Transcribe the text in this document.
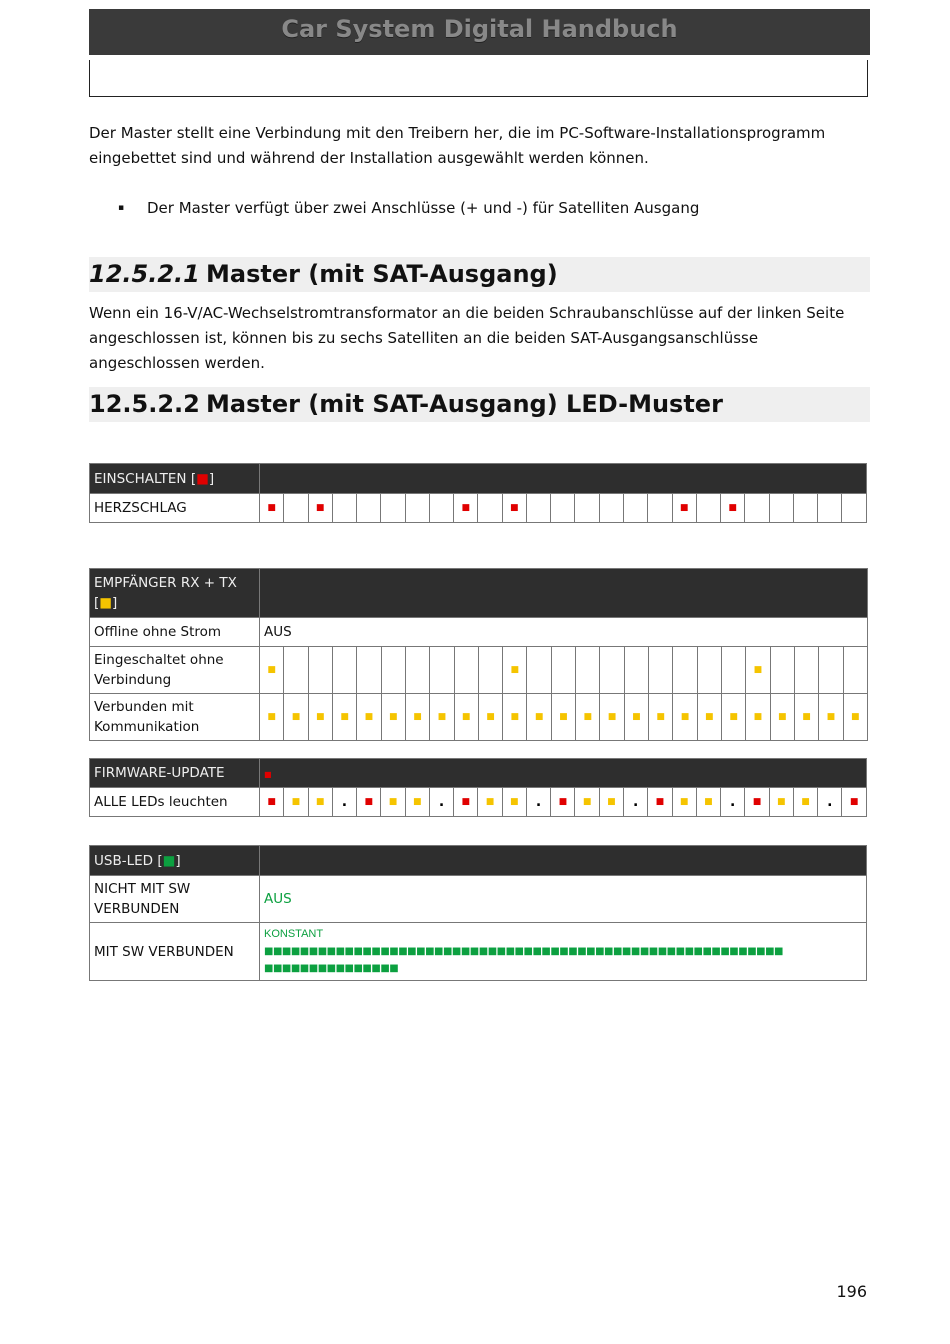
Car System Digital Handbuch
Der Master stellt eine Verbindung mit den Treibern her, die im PC-Software-Installationsprogramm eingebettet sind und während der Installation ausgewählt werden können.
▪ Der Master verfügt über zwei Anschlüsse (+ und -) für Satelliten Ausgang
12.5.2.1 Master (mit SAT-Ausgang)
Wenn ein 16-V/AC-Wechselstromtransformator an die beiden Schraubanschlüsse auf der linken Seite angeschlossen ist, können bis zu sechs Satelliten an die beiden SAT-Ausgangsanschlüsse angeschlossen werden.
12.5.2.2 Master (mit SAT-Ausgang) LED-Muster
EINSCHALTEN [■]																									
HERZSCHLAG	■		■						■		■							■		■					
EMPFÄNGER RX + TX
[■]																									
Offline ohne Strom	AUS																								
Eingeschaltet ohne
Verbindung	■										■										■				
Verbunden mit
Kommunikation	■	■	■	■	■	■	■	■	■	■	■	■	■	■	■	■	■	■	■	■	■	■	■	■	■
FIRMWARE-UPDATE	■																								
ALLE LEDs leuchten	■	■	■	.	■	■	■	.	■	■	■	.	■	■	■	.	■	■	■	.	■	■	■	.	■
USB-LED [■]	
NICHT MIT SW
VERBUNDEN	AUS
MIT SW VERBUNDEN	KONSTANT
■■■■■■■■■■■■■■■■■■■■■■■■■■■■■■■■■■■■■■■■■■■■■■■■■■■■■■■■■■
■■■■■■■■■■■■■■■
196
